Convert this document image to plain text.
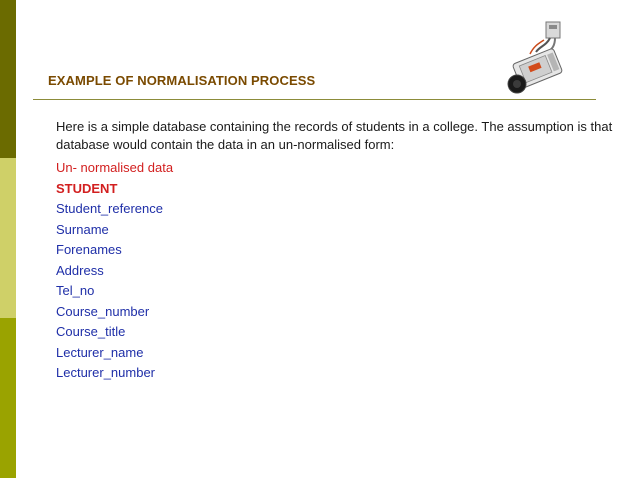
EXAMPLE OF NORMALISATION PROCESS

Here is a simple database containing the records of students in a college. The assumption is that database would contain the data in an un-normalised form:

Un- normalised data
STUDENT
Student_reference
Surname
Forenames
Address
Tel_no
Course_number
Course_title
Lecturer_name
Lecturer_number
